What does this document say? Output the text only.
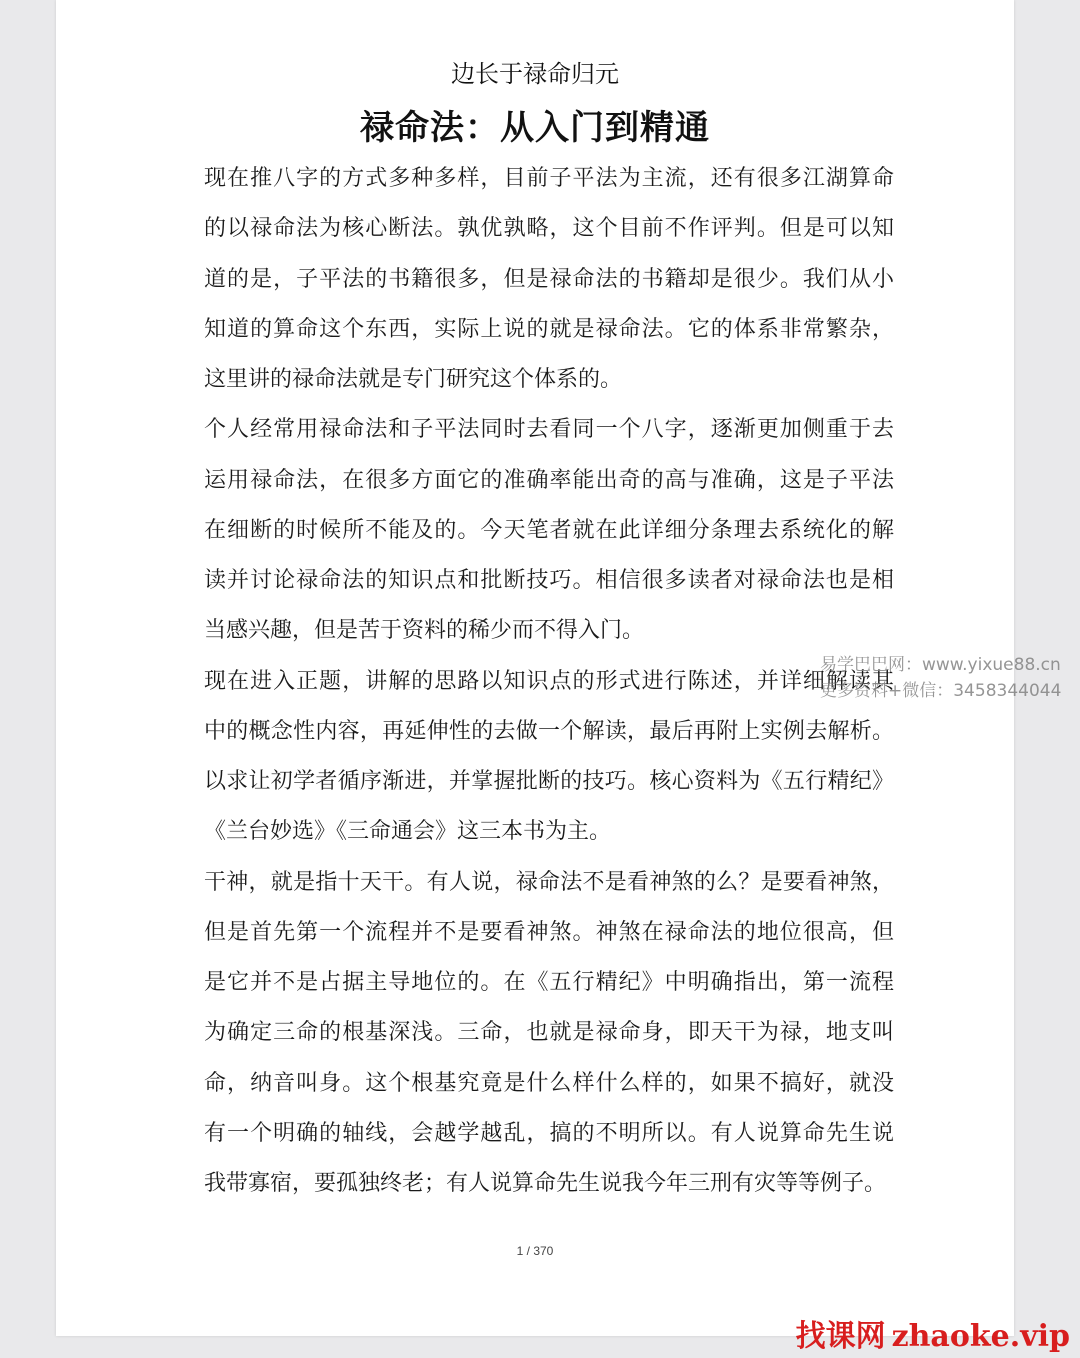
边长于禄命归元
禄命法：从入门到精通
现在推八字的方式多种多样，目前子平法为主流，还有很多江湖算命
的以禄命法为核心断法。孰优孰略，这个目前不作评判。但是可以知
道的是，子平法的书籍很多，但是禄命法的书籍却是很少。我们从小
知道的算命这个东西，实际上说的就是禄命法。它的体系非常繁杂，
这里讲的禄命法就是专门研究这个体系的。
个人经常用禄命法和子平法同时去看同一个八字，逐渐更加侧重于去
运用禄命法，在很多方面它的准确率能出奇的高与准确，这是子平法
在细断的时候所不能及的。今天笔者就在此详细分条理去系统化的解
读并讨论禄命法的知识点和批断技巧。相信很多读者对禄命法也是相
当感兴趣，但是苦于资料的稀少而不得入门。
现在进入正题，讲解的思路以知识点的形式进行陈述，并详细解读其
中的概念性内容，再延伸性的去做一个解读，最后再附上实例去解析。
以求让初学者循序渐进，并掌握批断的技巧。核心资料为《五行精纪》
《兰台妙选》《三命通会》这三本书为主。
干神，就是指十天干。有人说，禄命法不是看神煞的么？是要看神煞，
但是首先第一个流程并不是要看神煞。神煞在禄命法的地位很高，但
是它并不是占据主导地位的。在《五行精纪》中明确指出，第一流程
为确定三命的根基深浅。三命，也就是禄命身，即天干为禄，地支叫
命，纳音叫身。这个根基究竟是什么样什么样的，如果不搞好，就没
有一个明确的轴线，会越学越乱，搞的不明所以。有人说算命先生说
我带寡宿，要孤独终老；有人说算命先生说我今年三刑有灾等等例子。
1 / 370
易学巴巴网：www.yixue88.cn
更多资料+微信：3458344044
找课网 zhaoke.vip
